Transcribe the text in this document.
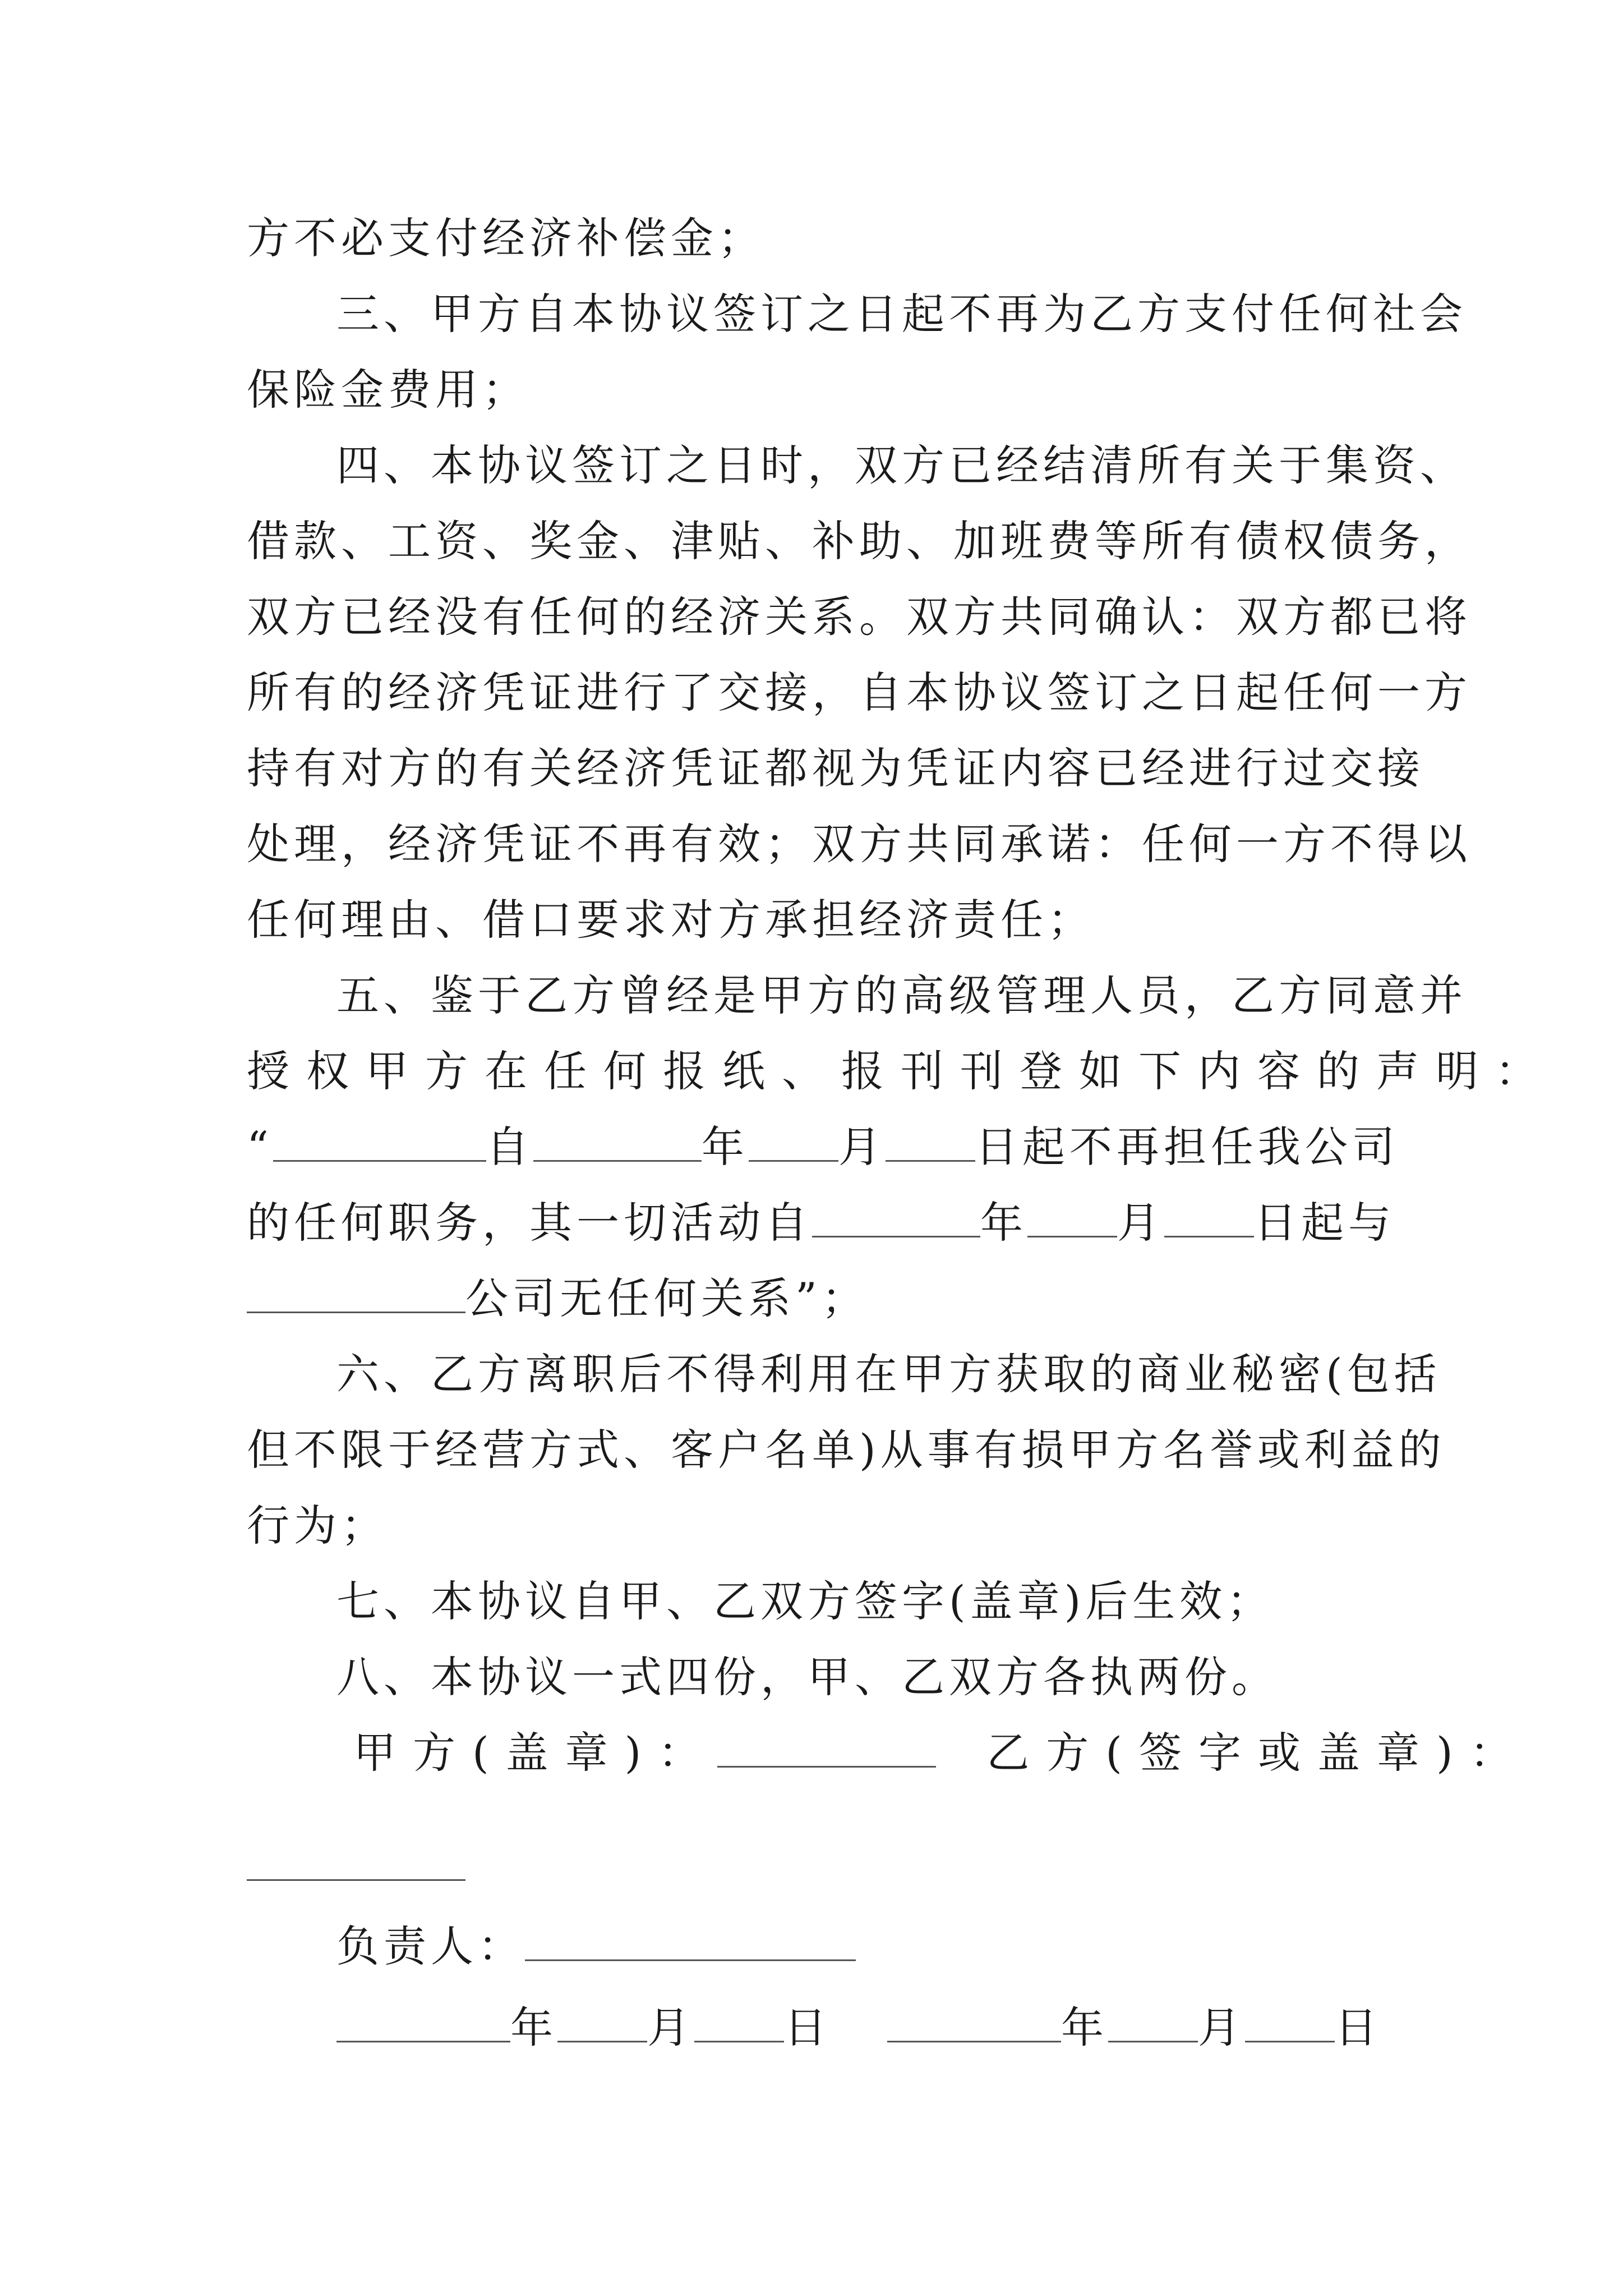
方不必支付经济补偿金；
三、甲方自本协议签订之日起不再为乙方支付任何社会
保险金费用；
四、本协议签订之日时，双方已经结清所有关于集资、
借款、工资、奖金、津贴、补助、加班费等所有债权债务，
双方已经没有任何的经济关系。双方共同确认：双方都已将
所有的经济凭证进行了交接，自本协议签订之日起任何一方
持有对方的有关经济凭证都视为凭证内容已经进行过交接
处理，经济凭证不再有效；双方共同承诺：任何一方不得以
任何理由、借口要求对方承担经济责任；
五、鉴于乙方曾经是甲方的高级管理人员，乙方同意并
授权甲方在任何报纸、报刊刊登如下内容的声明：
“	自	年 月 日起不再担任我公司
的任何职务，其一切活动自	年 月 日起与
公司无任何关系”；
六、乙方离职后不得利用在甲方获取的商业秘密(包括
但不限于经营方式、客户名单)从事有损甲方名誉或利益的
行为；
七、本协议自甲、乙双方签字(盖章)后生效；
八、本协议一式四份，甲、乙双方各执两份。
甲方(盖章)：	乙方(签字或盖章)：
负责人：
年 月 日	年 月 日
